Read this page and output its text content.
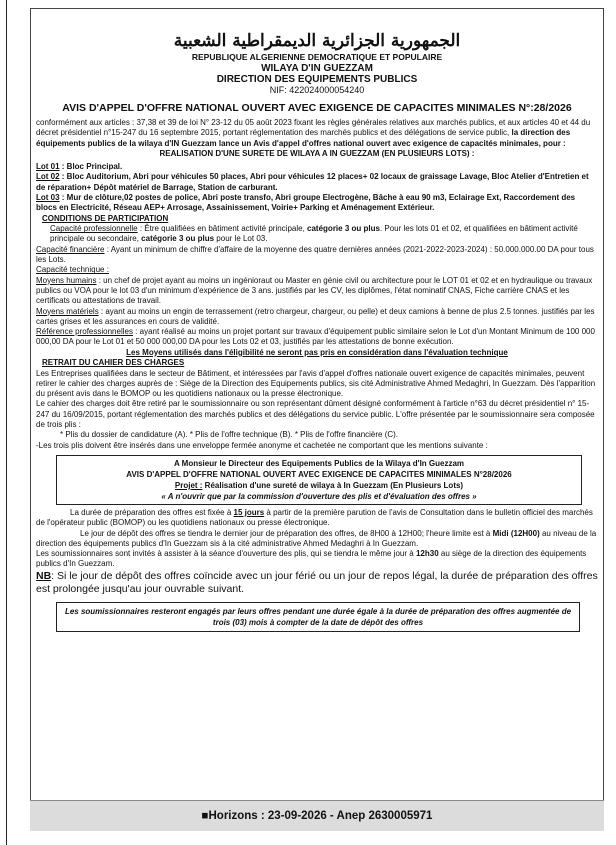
الجمهورية الجزائرية الديمقراطية الشعبية
REPUBLIQUE ALGERIENNE DEMOCRATIQUE ET POPULAIRE
WILAYA D'IN GUEZZAM
DIRECTION DES EQUIPEMENTS PUBLICS
NIF: 422024000054240
AVIS D'APPEL D'OFFRE NATIONAL OUVERT AVEC EXIGENCE DE CAPACITES MINIMALES N°:28/2026

conformément aux articles : 37,38 et 39 de loi N° 23-12 du 05 août 2023 fixant les règles générales relatives aux marchés publics, et aux articles 40 et 44 du décret présidentiel n°15-247 du 16 septembre 2015, portant réglementation des marchés publics et des délégations de service public, la direction des équipements publics de la wilaya d'IN Guezzam lance un Avis d'appel d'offres national ouvert avec exigence de capacités minimales, pour :

REALISATION D'UNE SURETE DE WILAYA A IN GUEZZAM (EN PLUSIEURS LOTS) :

Lot 01 : Bloc Principal.

Lot 02 : Bloc Auditorium, Abri pour véhicules 50 places, Abri pour véhicules 12 places+ 02 locaux de graissage Lavage, Bloc Atelier d'Entretien et de réparation+ Dépôt matériel de Barrage, Station de carburant.

Lot 03 : Mur de clôture,02 postes de police, Abri poste transfo, Abri groupe Electrogène, Bâche à eau 90 m3, Eclairage Ext, Raccordement des blocs en Electricité, Réseau AEP+ Arrosage, Assainissement, Voirie+ Parking et Aménagement Extérieur.

CONDITIONS DE PARTICIPATION

Capacité professionnelle : Être qualifiées en bâtiment activité principale, catégorie 3 ou plus. Pour les lots 01 et 02, et qualifiées en bâtiment activité principale ou secondaire, catégorie 3 ou plus pour le Lot 03.

Capacité financière : Ayant un minimum de chiffre d'affaire de la moyenne des quatre dernières années (2021-2022-2023-2024) : 50.000.000.00 DA pour tous les Lots.

Capacité technique :

Moyens humains : un chef de projet ayant au moins un ingénioraut ou Master en génie civil ou architecture pour le LOT 01 et 02 et en hydraulique ou travaux publics ou VOA pour le lot 03 d'un minimum d'expérience de 3 ans. justifiés par les CV, les diplômes, l'état nominatif CNAS, Fiche carrière CNAS et les certificats ou attestations de travail.

Moyens matériels : ayant au moins un engin de terrassement (retro chargeur, chargeur, ou pelle) et deux camions à benne de plus 2.5 tonnes. justifiés par les cartes grises et les assurances en cours de validité.

Référence professionnelles : ayant réalisé au moins un projet portant sur travaux d'équipement public similaire selon le Lot d'un Montant Minimum de 100 000 000,00 DA pour le Lot 01 et 50 000 000,00 DA pour les Lots 02 et 03, justifiés par les attestations de bonne exécution.

Les Moyens utilisés dans l'éligibilité ne seront pas pris en considération dans l'évaluation technique

RETRAIT DU CAHIER DES CHARGES

Les Entreprises qualifiées dans le secteur de Bâtiment, et intéressées par l'avis d'appel d'offres nationale ouvert exigence de capacités minimales, peuvent retirer le cahier des charges auprès de : Siège de la Direction des Equipements publics, sis cité Administrative Ahmed Medaghri, In Guezzam. Dès l'apparition du présent avis dans le BOMOP ou les quotidiens nationaux ou la presse électronique.

Le cahier des charges doit être retiré par le soumissionnaire ou son représentant dûment désigné conformément à l'article n°63 du décret présidentiel n° 15-247 du 16/09/2015, portant réglementation des marchés publics et des délégations du service public. L'offre présentée par le soumissionnaire sera composée de trois plis :

* Plis du dossier de candidature (A). * Plis de l'offre technique (B). * Plis de l'offre financière (C).

-Les trois plis doivent être insérés dans une enveloppe fermée anonyme et cachetée ne comportant que les mentions suivante :

A Monsieur le Directeur des Equipements Publics de la Wilaya d'In Guezzam
AVIS D'APPEL D'OFFRE NATIONAL OUVERT AVEC EXIGENCE DE CAPACITES MINIMALES N°28/2026
Projet : Réalisation d'une sureté de wilaya à In Guezzam (En Plusieurs Lots)
« A n'ouvrir que par la commission d'ouverture des plis et d'évaluation des offres »

La durée de préparation des offres est fixée à 15 jours à partir de la première parution de l'avis de Consultation dans le bulletin officiel des marchés de l'opérateur public (BOMOP) ou les quotidiens nationaux ou presse électronique.

Le jour de dépôt des offres se tiendra le dernier jour de préparation des offres, de 8H00 à 12H00; l'heure limite est à Midi (12H00) au niveau de la direction des équipements publics d'In Guezzam sis à la cité administrative Ahmed Medaghri à In Guezzam.

Les soumissionnaires sont invités à assister à la séance d'ouverture des plis, qui se tiendra le même jour à 12h30 au siège de la direction des équipements publics d'In Guezzam.

NB: Si le jour de dépôt des offres coïncide avec un jour férié ou un jour de repos légal, la durée de préparation des offres est prolongée jusqu'au jour ouvrable suivant.

Les soumissionnaires resteront engagés par leurs offres pendant une durée égale à la durée de préparation des offres augmentée de trois (03) mois à compter de la date de dépôt des offres
■Horizons : 23-09-2026 - Anep 2630005971
